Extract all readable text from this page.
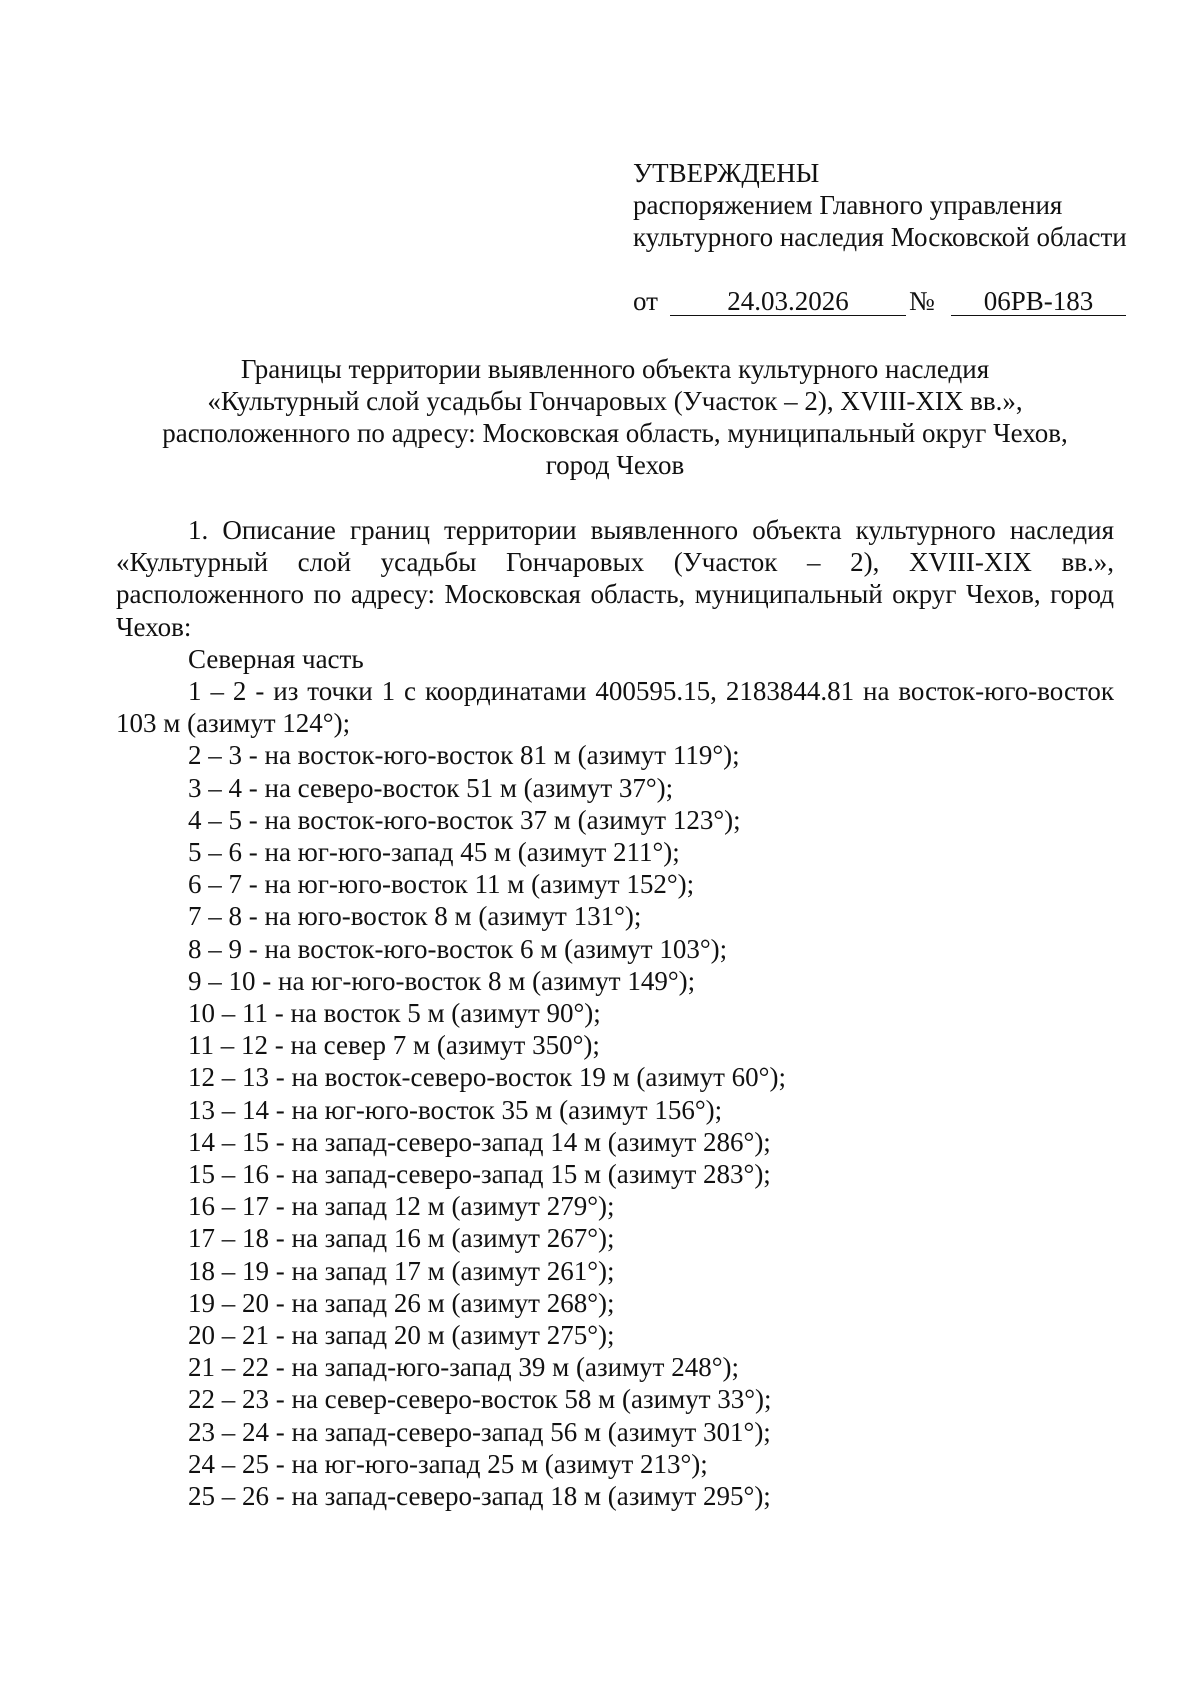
УТВЕРЖДЕНЫ
распоряжением Главного управления
культурного наследия Московской области
от	24.03.2026	№	06РВ-183
Границы территории выявленного объекта культурного наследия
«Культурный слой усадьбы Гончаровых (Участок – 2), XVIII-XIX вв.»,
расположенного по адресу: Московская область, муниципальный округ Чехов,
город Чехов

1. Описание границ территории выявленного объекта культурного наследия «Культурный слой усадьбы Гончаровых (Участок – 2), XVIII-XIX вв.», расположенного по адресу: Московская область, муниципальный округ Чехов, город Чехов:

Северная часть

1 – 2 - из точки 1 с координатами 400595.15, 2183844.81 на восток-юго-восток 103 м (азимут 124°);

2 – 3 - на восток-юго-восток 81 м (азимут 119°);

3 – 4 - на северо-восток 51 м (азимут 37°);

4 – 5 - на восток-юго-восток 37 м (азимут 123°);

5 – 6 - на юг-юго-запад 45 м (азимут 211°);

6 – 7 - на юг-юго-восток 11 м (азимут 152°);

7 – 8 - на юго-восток 8 м (азимут 131°);

8 – 9 - на восток-юго-восток 6 м (азимут 103°);

9 – 10 - на юг-юго-восток 8 м (азимут 149°);

10 – 11 - на восток 5 м (азимут 90°);

11 – 12 - на север 7 м (азимут 350°);

12 – 13 - на восток-северо-восток 19 м (азимут 60°);

13 – 14 - на юг-юго-восток 35 м (азимут 156°);

14 – 15 - на запад-северо-запад 14 м (азимут 286°);

15 – 16 - на запад-северо-запад 15 м (азимут 283°);

16 – 17 - на запад 12 м (азимут 279°);

17 – 18 - на запад 16 м (азимут 267°);

18 – 19 - на запад 17 м (азимут 261°);

19 – 20 - на запад 26 м (азимут 268°);

20 – 21 - на запад 20 м (азимут 275°);

21 – 22 - на запад-юго-запад 39 м (азимут 248°);

22 – 23 - на север-северо-восток 58 м (азимут 33°);

23 – 24 - на запад-северо-запад 56 м (азимут 301°);

24 – 25 - на юг-юго-запад 25 м (азимут 213°);

25 – 26 - на запад-северо-запад 18 м (азимут 295°);
